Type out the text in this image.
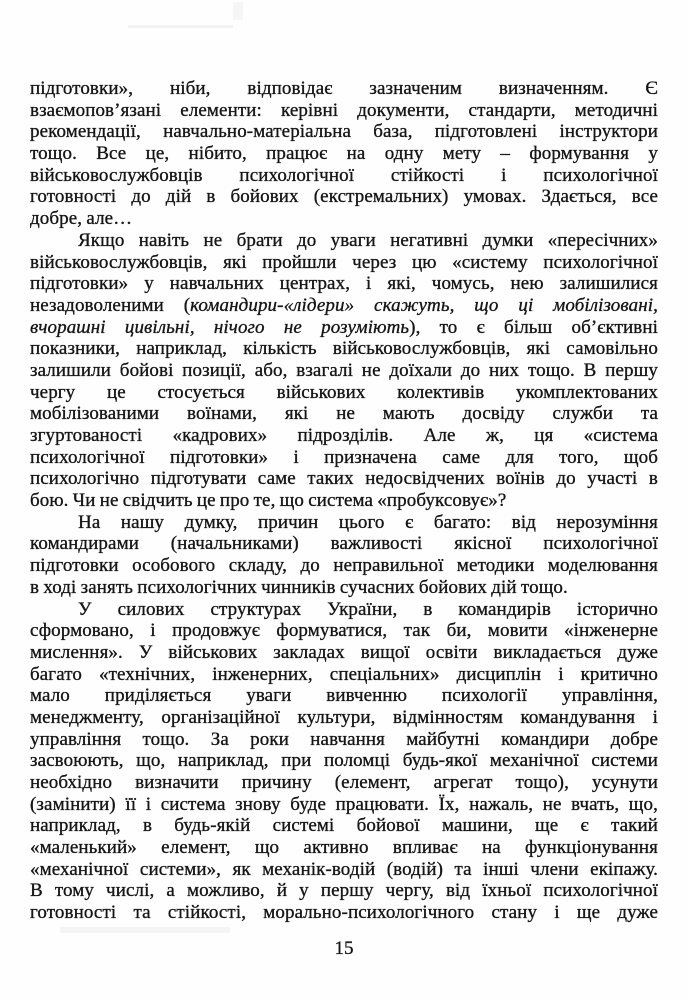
підготовки», ніби, відповідає зазначеним визначенням. Є
взаємопов’язані елементи: керівні документи, стандарти, методичні
рекомендації, навчально-матеріальна база, підготовлені інструктори
тощо. Все це, нібито, працює на одну мету – формування у
військовослужбовців психологічної стійкості і психологічної
готовності до дій в бойових (екстремальних) умовах. Здається, все
добре, але…
Якщо навіть не брати до уваги негативні думки «пересічних»
військовослужбовців, які пройшли через цю «систему психологічної
підготовки» у навчальних центрах, і які, чомусь, нею залишилися
незадоволеними (командири-«лідери» скажуть, що ці мобілізовані,
вчорашні цивільні, нічого не розуміють), то є більш об’єктивні
показники, наприклад, кількість військовослужбовців, які самовільно
залишили бойові позиції, або, взагалі не доїхали до них тощо. В першу
чергу це стосується військових колективів укомплектованих
мобілізованими воїнами, які не мають досвіду служби та
згуртованості «кадрових» підрозділів. Але ж, ця «система
психологічної підготовки» і призначена саме для того, щоб
психологічно підготувати саме таких недосвідчених воїнів до участі в
бою. Чи не свідчить це про те, що система «пробуксовує»?
На нашу думку, причин цього є багато: від нерозуміння
командирами (начальниками) важливості якісної психологічної
підготовки особового складу, до неправильної методики моделювання
в ході занять психологічних чинників сучасних бойових дій тощо.
У силових структурах України, в командирів історично
сформовано, і продовжує формуватися, так би, мовити «інженерне
мислення». У військових закладах вищої освіти викладається дуже
багато «технічних, інженерних, спеціальних» дисциплін і критично
мало приділяється уваги вивченню психології управління,
менеджменту, організаційної культури, відмінностям командування і
управління тощо. За роки навчання майбутні командири добре
засвоюють, що, наприклад, при поломці будь-якої механічної системи
необхідно визначити причину (елемент, агрегат тощо), усунути
(замінити) її і система знову буде працювати. Їх, нажаль, не вчать, що,
наприклад, в будь-якій системі бойової машини, ще є такий
«маленький» елемент, що активно впливає на функціонування
«механічної системи», як механік-водій (водій) та інші члени екіпажу.
В тому числі, а можливо, й у першу чергу, від їхньої психологічної
готовності та стійкості, морально-психологічного стану і ще дуже
15
